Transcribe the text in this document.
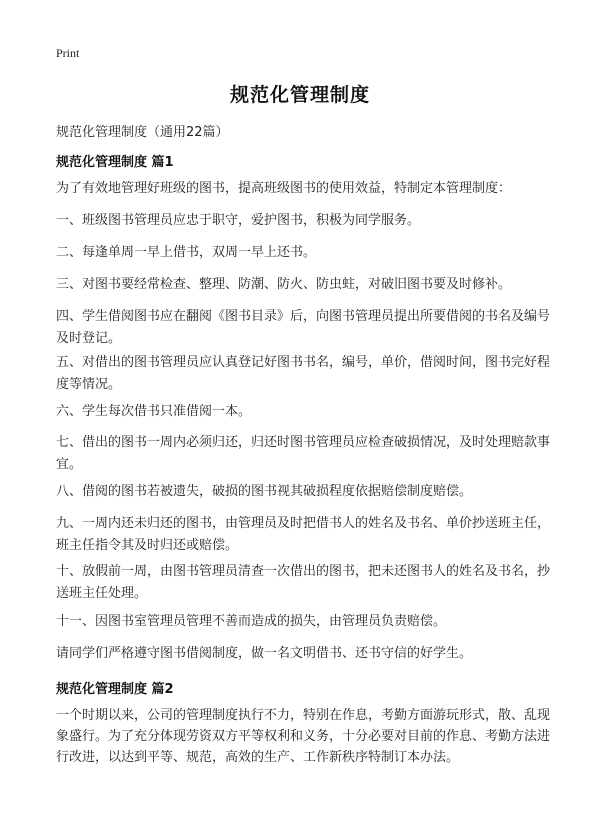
Print
规范化管理制度
规范化管理制度（通用22篇）
规范化管理制度 篇1
为了有效地管理好班级的图书，提高班级图书的使用效益，特制定本管理制度：
一、班级图书管理员应忠于职守，爱护图书，积极为同学服务。
二、每逢单周一早上借书，双周一早上还书。
三、对图书要经常检查、整理、防潮、防火、防虫蛀，对破旧图书要及时修补。
四、学生借阅图书应在翻阅《图书目录》后，向图书管理员提出所要借阅的书名及编号及时登记。
五、对借出的图书管理员应认真登记好图书书名，编号，单价，借阅时间，图书完好程度等情况。
六、学生每次借书只准借阅一本。
七、借出的图书一周内必须归还，归还时图书管理员应检查破损情况，及时处理赔款事宜。
八、借阅的图书若被遗失，破损的图书视其破损程度依据赔偿制度赔偿。
九、一周内还未归还的图书，由管理员及时把借书人的姓名及书名、单价抄送班主任，班主任指令其及时归还或赔偿。
十、放假前一周，由图书管理员清查一次借出的图书，把未还图书人的姓名及书名，抄送班主任处理。
十一、因图书室管理员管理不善而造成的损失，由管理员负责赔偿。
请同学们严格遵守图书借阅制度，做一名文明借书、还书守信的好学生。
规范化管理制度 篇2
一个时期以来，公司的管理制度执行不力，特别在作息，考勤方面游玩形式，散、乱现象盛行。为了充分体现劳资双方平等权利和义务，十分必要对目前的作息、考勤方法进行改进，以达到平等、规范，高效的生产、工作新秩序特制订本办法。
